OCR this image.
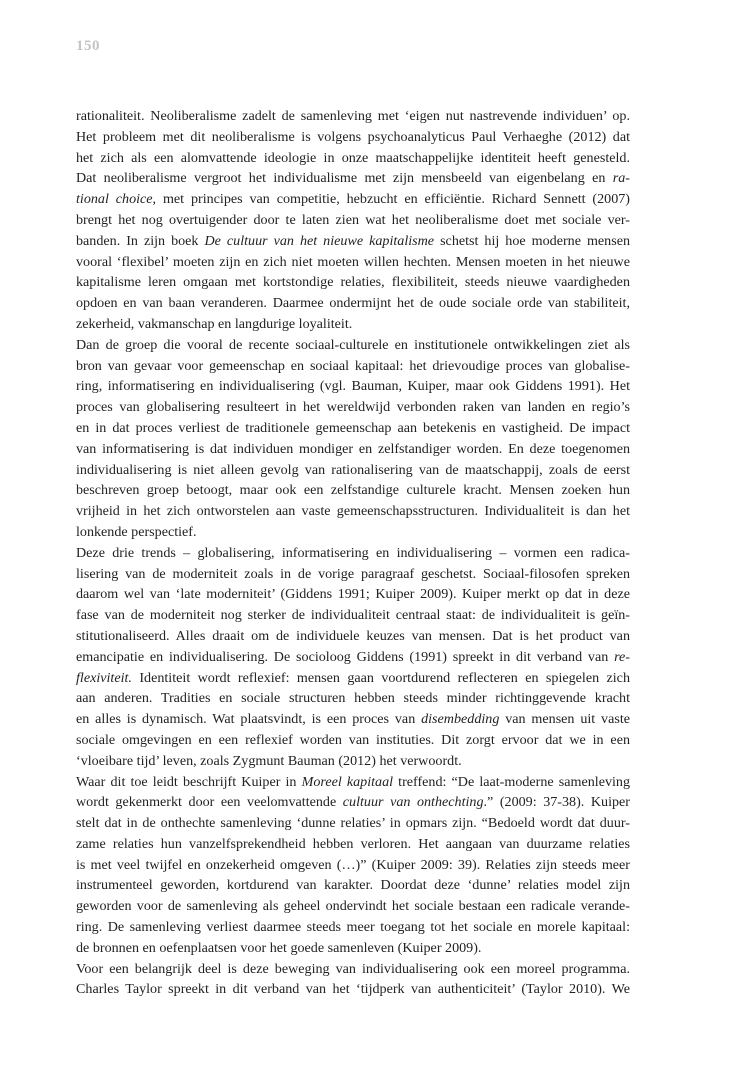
150
rationaliteit. Neoliberalisme zadelt de samenleving met ‘eigen nut nastrevende individuen’ op.
Het probleem met dit neoliberalisme is volgens psychoanalyticus Paul Verhaeghe (2012) dat
het zich als een alomvattende ideologie in onze maatschappelijke identiteit heeft genesteld.
Dat neoliberalisme vergroot het individualisme met zijn mensbeeld van eigenbelang en ra-
tional choice, met principes van competitie, hebzucht en efficiëntie. Richard Sennett (2007)
brengt het nog overtuigender door te laten zien wat het neoliberalisme doet met sociale ver-
banden. In zijn boek De cultuur van het nieuwe kapitalisme schetst hij hoe moderne mensen
vooral ‘flexibel’ moeten zijn en zich niet moeten willen hechten. Mensen moeten in het nieuwe
kapitalisme leren omgaan met kortstondige relaties, flexibiliteit, steeds nieuwe vaardigheden
opdoen en van baan veranderen. Daarmee ondermijnt het de oude sociale orde van stabiliteit,
zekerheid, vakmanschap en langdurige loyaliteit.
Dan de groep die vooral de recente sociaal-culturele en institutionele ontwikkelingen ziet als
bron van gevaar voor gemeenschap en sociaal kapitaal: het drievoudige proces van globalise-
ring, informatisering en individualisering (vgl. Bauman, Kuiper, maar ook Giddens 1991). Het
proces van globalisering resulteert in het wereldwijd verbonden raken van landen en regio’s
en in dat proces verliest de traditionele gemeenschap aan betekenis en vastigheid. De impact
van informatisering is dat individuen mondiger en zelfstandiger worden. En deze toegenomen
individualisering is niet alleen gevolg van rationalisering van de maatschappij, zoals de eerst
beschreven groep betoogt, maar ook een zelfstandige culturele kracht. Mensen zoeken hun
vrijheid in het zich ontworstelen aan vaste gemeenschapsstructuren. Individualiteit is dan het
lonkende perspectief.
Deze drie trends – globalisering, informatisering en individualisering – vormen een radica-
lisering van de moderniteit zoals in de vorige paragraaf geschetst. Sociaal-filosofen spreken
daarom wel van ‘late moderniteit’ (Giddens 1991; Kuiper 2009). Kuiper merkt op dat in deze
fase van de moderniteit nog sterker de individualiteit centraal staat: de individualiteit is geïn-
stitutionaliseerd. Alles draait om de individuele keuzes van mensen. Dat is het product van
emancipatie en individualisering. De socioloog Giddens (1991) spreekt in dit verband van re-
flexiviteit. Identiteit wordt reflexief: mensen gaan voortdurend reflecteren en spiegelen zich
aan anderen. Tradities en sociale structuren hebben steeds minder richtinggevende kracht
en alles is dynamisch. Wat plaatsvindt, is een proces van disembedding van mensen uit vaste
sociale omgevingen en een reflexief worden van instituties. Dit zorgt ervoor dat we in een
‘vloeibare tijd’ leven, zoals Zygmunt Bauman (2012) het verwoordt.
Waar dit toe leidt beschrijft Kuiper in Moreel kapitaal treffend: “De laat-moderne samenleving
wordt gekenmerkt door een veelomvattende cultuur van onthechting.” (2009: 37-38). Kuiper
stelt dat in de onthechte samenleving ‘dunne relaties’ in opmars zijn. “Bedoeld wordt dat duur-
zame relaties hun vanzelfsprekendheid hebben verloren. Het aangaan van duurzame relaties
is met veel twijfel en onzekerheid omgeven (…)” (Kuiper 2009: 39). Relaties zijn steeds meer
instrumenteel geworden, kortdurend van karakter. Doordat deze ‘dunne’ relaties model zijn
geworden voor de samenleving als geheel ondervindt het sociale bestaan een radicale verande-
ring. De samenleving verliest daarmee steeds meer toegang tot het sociale en morele kapitaal:
de bronnen en oefenplaatsen voor het goede samenleven (Kuiper 2009).
Voor een belangrijk deel is deze beweging van individualisering ook een moreel programma.
Charles Taylor spreekt in dit verband van het ‘tijdperk van authenticiteit’ (Taylor 2010). We
